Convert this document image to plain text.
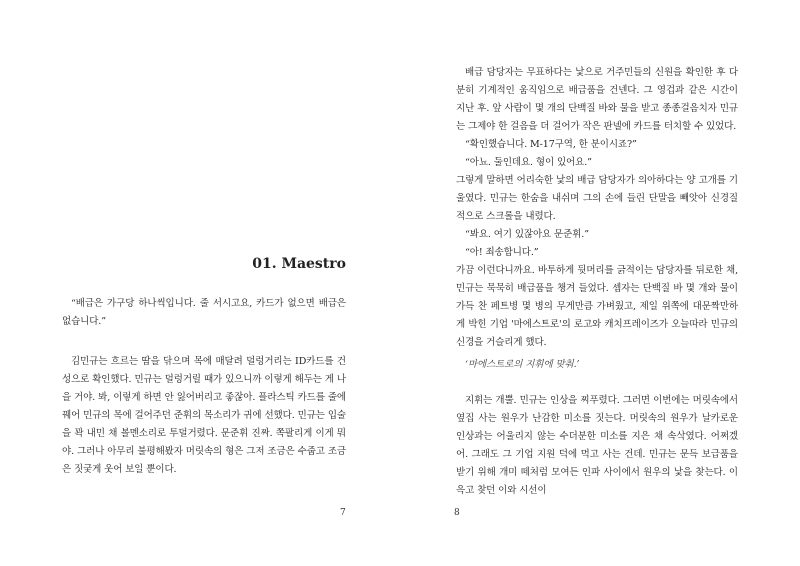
01. Maestro

“배급은 가구당 하나씩입니다. 줄 서시고요, 카드가 없으면 배급은 없습니다.”

김민규는 흐르는 땀을 닦으며 목에 매달려 덜렁거리는 ID카드를 건성으로 확인했다. 민규는 덜렁거릴 때가 있으니까 이렇게 해두는 게 나을 거야. 봐, 이렇게 하면 안 잃어버리고 좋잖아. 플라스틱 카드를 줄에 꿰어 민규의 목에 걸어주던 준휘의 목소리가 귀에 선했다. 민규는 입술을 꽉 내민 채 볼멘소리로 투덜거렸다. 문준휘 진짜. 쪽팔리게 이게 뭐야. 그러나 아무리 불평해봤자 머릿속의 형은 그저 조금은 수줍고 조금은 짓궂게 웃어 보일 뿐이다.

7

배급 담당자는 무표하다는 낯으로 거주민들의 신원을 확인한 후 다분히 기계적인 움직임으로 배급품을 건넨다. 그 영겁과 같은 시간이 지난 후. 앞 사람이 몇 개의 단백질 바와 물을 받고 종종걸음치자 민규는 그제야 한 걸음을 더 걸어가 작은 판넬에 카드를 터치할 수 있었다.

“확인했습니다. M-17구역, 한 분이시죠?”

“아뇨. 둘인데요. 형이 있어요.”

그렇게 말하면 어리숙한 낯의 배급 담당자가 의아하다는 양 고개를 기울였다. 민규는 한숨을 내쉬며 그의 손에 들린 단말을 빼앗아 신경질적으로 스크롤을 내렸다.

“봐요. 여기 있잖아요 문준휘.”

“아! 죄송합니다.”

가끔 이런다니까요. 바투하게 뒷머리를 긁적이는 담당자를 뒤로한 채, 민규는 묵묵히 배급품을 챙겨 들었다. 셈자는 단백질 바 몇 개와 물이 가득 찬 페트병 몇 병의 무게만큼 가벼웠고, 제일 위쪽에 대문짝만하게 박힌 기업 '마에스트로'의 로고와 캐치프레이즈가 오늘따라 민규의 신경을 거슬리게 했다.

‘마에스트로의 지휘에 맞춰.’

지휘는 개뿔. 민규는 인상을 찌푸렸다. 그러면 이번에는 머릿속에서 옆집 사는 원우가 난감한 미소를 짓는다. 머릿속의 원우가 날카로운 인상과는 어울리지 않는 수더분한 미소를 지은 채 속삭였다. 어쩌겠어. 그래도 그 기업 지원 덕에 먹고 사는 건데. 민규는 문득 보급품을 받기 위해 개미 떼처럼 모여든 인파 사이에서 원우의 낯을 찾는다. 이윽고 찾던 이와 시선이

8
